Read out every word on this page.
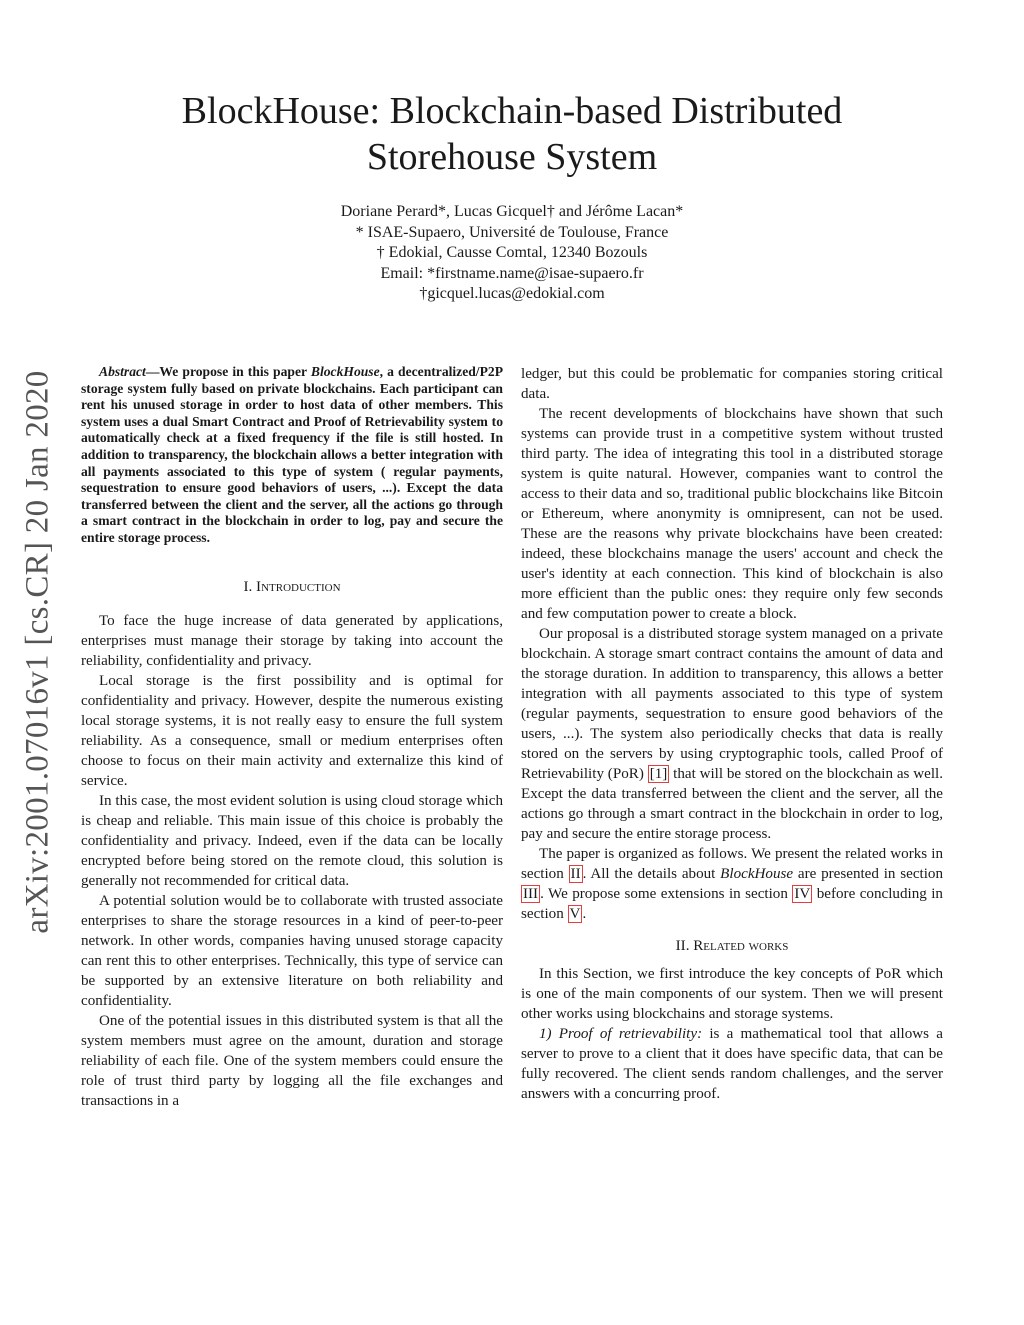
BlockHouse: Blockchain-based Distributed
Storehouse System
Doriane Perard*, Lucas Gicquel† and Jérôme Lacan*
* ISAE-Supaero, Université de Toulouse, France
† Edokial, Causse Comtal, 12340 Bozouls
Email: *firstname.name@isae-supaero.fr
†gicquel.lucas@edokial.com
arXiv:2001.07016v1 [cs.CR] 20 Jan 2020	Abstract—We propose in this paper BlockHouse, a decentralized/P2P storage system fully based on private blockchains. Each participant can rent his unused storage in order to host data of other members. This system uses a dual Smart Contract and Proof of Retrievability system to automatically check at a fixed frequency if the file is still hosted. In addition to transparency, the blockchain allows a better integration with all payments associated to this type of system ( regular payments, sequestration to ensure good behaviors of users, ...). Except the data transferred between the client and the server, all the actions go through a smart contract in the blockchain in order to log, pay and secure the entire storage process.

I. Introduction

To face the huge increase of data generated by applications, enterprises must manage their storage by taking into account the reliability, confidentiality and privacy.

Local storage is the first possibility and is optimal for confidentiality and privacy. However, despite the numerous existing local storage systems, it is not really easy to ensure the full system reliability. As a consequence, small or medium enterprises often choose to focus on their main activity and externalize this kind of service.

In this case, the most evident solution is using cloud storage which is cheap and reliable. This main issue of this choice is probably the confidentiality and privacy. Indeed, even if the data can be locally encrypted before being stored on the remote cloud, this solution is generally not recommended for critical data.

A potential solution would be to collaborate with trusted associate enterprises to share the storage resources in a kind of peer-to-peer network. In other words, companies having unused storage capacity can rent this to other enterprises. Technically, this type of service can be supported by an extensive literature on both reliability and confidentiality.

One of the potential issues in this distributed system is that all the system members must agree on the amount, duration and storage reliability of each file. One of the system members could ensure the role of trust third party by logging all the file exchanges and transactions in a

ledger, but this could be problematic for companies storing critical data.

The recent developments of blockchains have shown that such systems can provide trust in a competitive system without trusted third party. The idea of integrating this tool in a distributed storage system is quite natural. However, companies want to control the access to their data and so, traditional public blockchains like Bitcoin or Ethereum, where anonymity is omnipresent, can not be used. These are the reasons why private blockchains have been created: indeed, these blockchains manage the users' account and check the user's identity at each connection. This kind of blockchain is also more efficient than the public ones: they require only few seconds and few computation power to create a block.

Our proposal is a distributed storage system managed on a private blockchain. A storage smart contract contains the amount of data and the storage duration. In addition to transparency, this allows a better integration with all payments associated to this type of system (regular payments, sequestration to ensure good behaviors of the users, ...). The system also periodically checks that data is really stored on the servers by using cryptographic tools, called Proof of Retrievability (PoR) [1] that will be stored on the blockchain as well. Except the data transferred between the client and the server, all the actions go through a smart contract in the blockchain in order to log, pay and secure the entire storage process.

The paper is organized as follows. We present the related works in section II . All the details about BlockHouse are presented in section III . We propose some extensions in section IV before concluding in section V .

II. Related works

In this Section, we first introduce the key concepts of PoR which is one of the main components of our system. Then we will present other works using blockchains and storage systems.

1) Proof of retrievability: is a mathematical tool that allows a server to prove to a client that it does have specific data, that can be fully recovered. The client sends random challenges, and the server answers with a concurring proof.
